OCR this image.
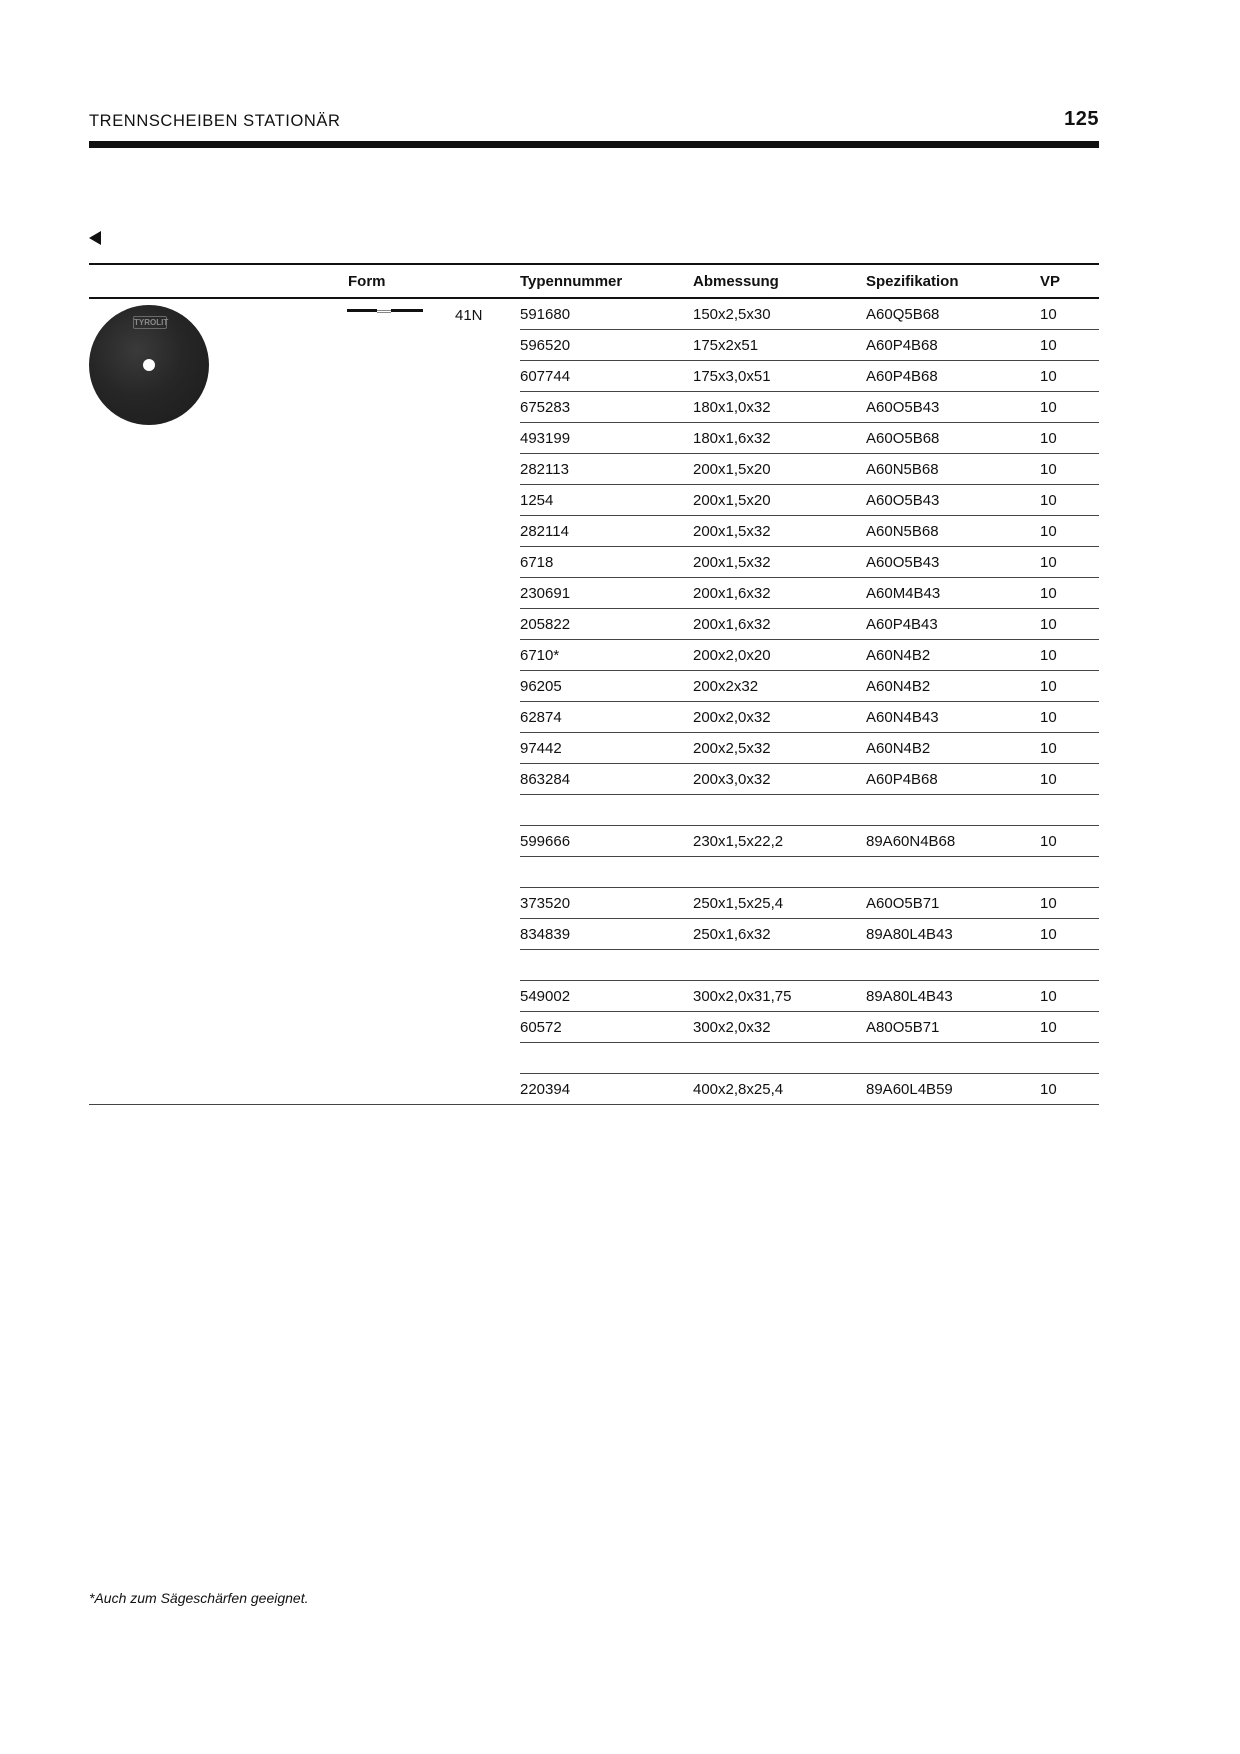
TRENNSCHEIBEN STATIONÄR	125
Form	Typennummer	Abmessung	Spezifikation	VP
TYROLIT	41N 591680	150x2,5x30	A60Q5B68	10
596520	175x2x51	A60P4B68	10
607744	175x3,0x51	A60P4B68	10
675283	180x1,0x32	A60O5B43	10
493199	180x1,6x32	A60O5B68	10
282113	200x1,5x20	A60N5B68	10
1254	200x1,5x20	A60O5B43	10
282114	200x1,5x32	A60N5B68	10
6718	200x1,5x32	A60O5B43	10
230691	200x1,6x32	A60M4B43	10
205822	200x1,6x32	A60P4B43	10
6710*	200x2,0x20	A60N4B2	10
96205	200x2x32	A60N4B2	10
62874	200x2,0x32	A60N4B43	10
97442	200x2,5x32	A60N4B2	10
863284	200x3,0x32	A60P4B68	10
599666	230x1,5x22,2	89A60N4B68	10
373520	250x1,5x25,4	A60O5B71	10
834839	250x1,6x32	89A80L4B43	10
549002	300x2,0x31,75	89A80L4B43	10
60572	300x2,0x32	A80O5B71	10
220394	400x2,8x25,4	89A60L4B59	10
*Auch zum Sägeschärfen geeignet.
